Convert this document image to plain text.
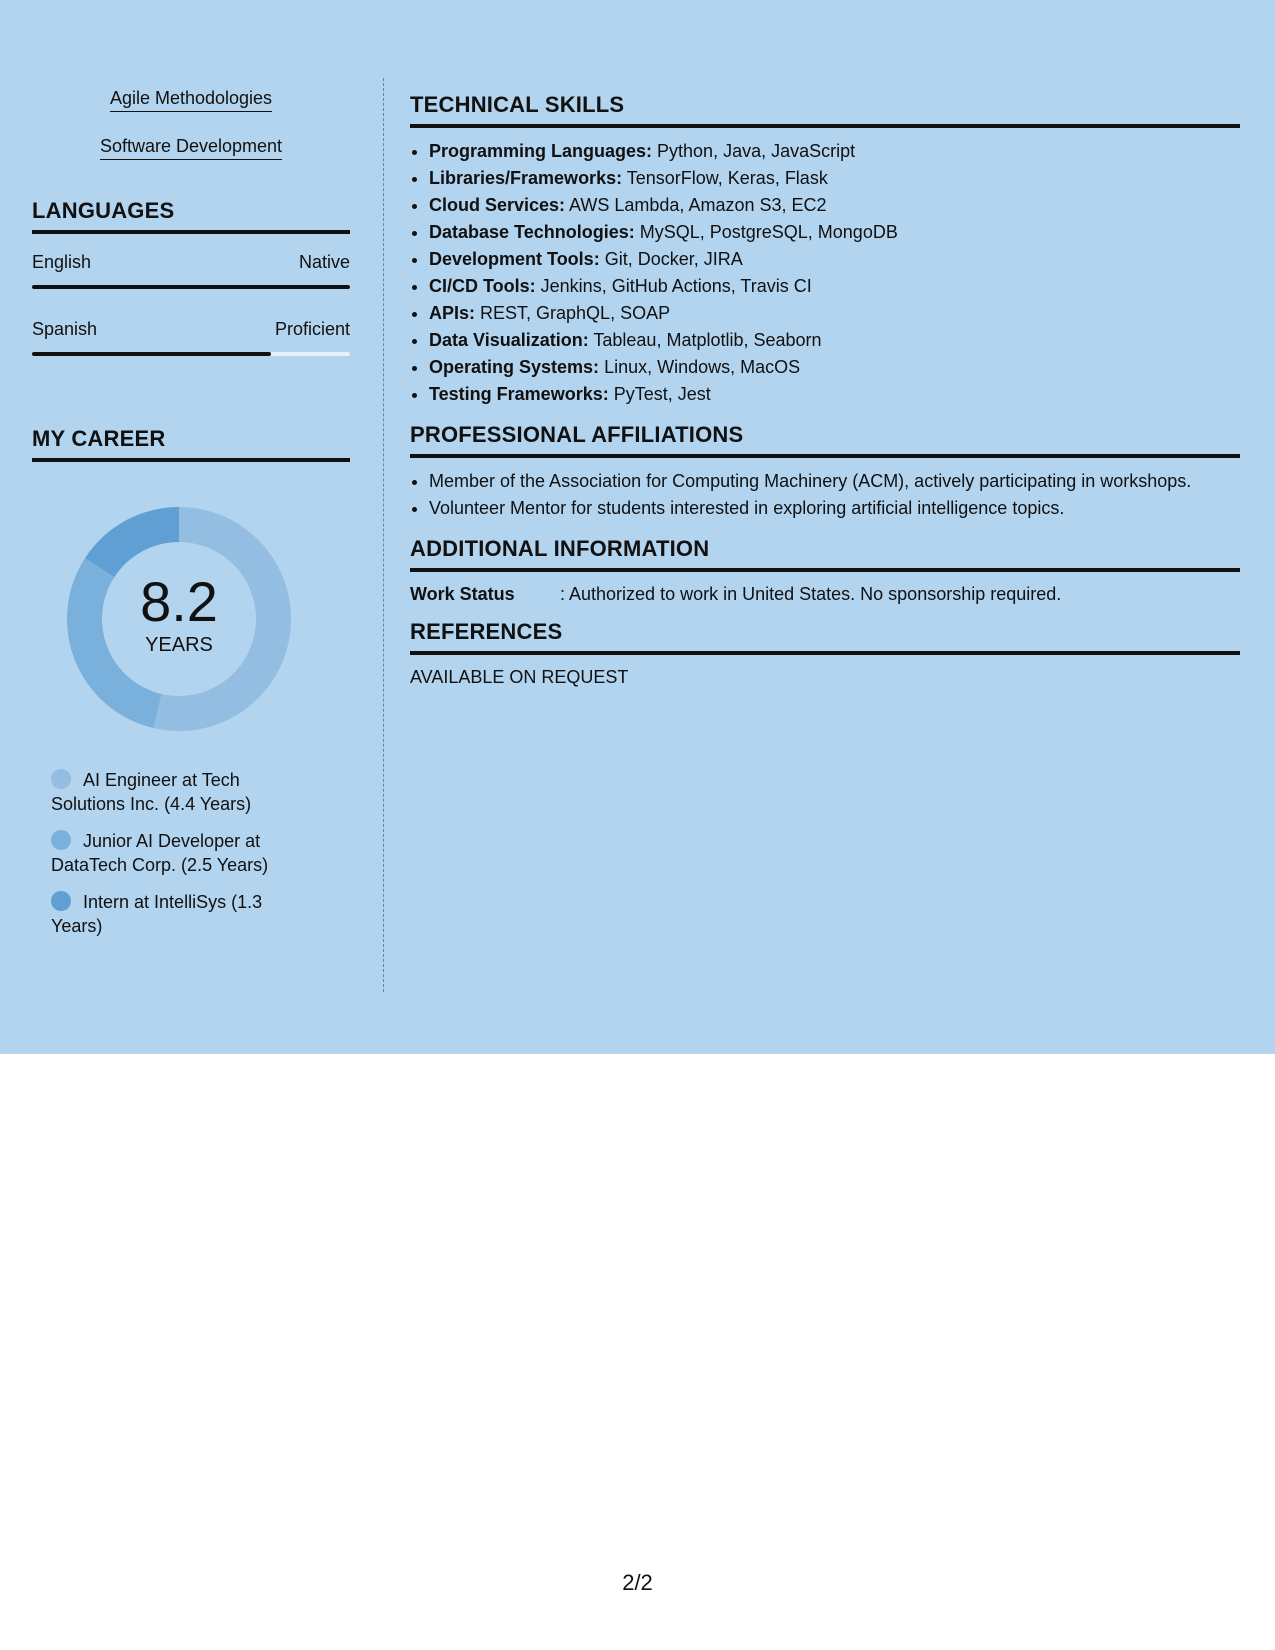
Agile Methodologies
Software Development
LANGUAGES
English	Native
Spanish	Proficient
MY CAREER
8.2
YEARS
AI Engineer at Tech Solutions Inc. (4.4 Years)
Junior AI Developer at DataTech Corp. (2.5 Years)
Intern at IntelliSys (1.3 Years)
TECHNICAL SKILLS
• Programming Languages: Python, Java, JavaScript
• Libraries/Frameworks: TensorFlow, Keras, Flask
• Cloud Services: AWS Lambda, Amazon S3, EC2
• Database Technologies: MySQL, PostgreSQL, MongoDB
• Development Tools: Git, Docker, JIRA
• CI/CD Tools: Jenkins, GitHub Actions, Travis CI
• APIs: REST, GraphQL, SOAP
• Data Visualization: Tableau, Matplotlib, Seaborn
• Operating Systems: Linux, Windows, MacOS
• Testing Frameworks: PyTest, Jest
PROFESSIONAL AFFILIATIONS
• Member of the Association for Computing Machinery (ACM), actively participating in workshops.
• Volunteer Mentor for students interested in exploring artificial intelligence topics.
ADDITIONAL INFORMATION
Work Status	: Authorized to work in United States. No sponsorship required.
REFERENCES
AVAILABLE ON REQUEST
2/2
